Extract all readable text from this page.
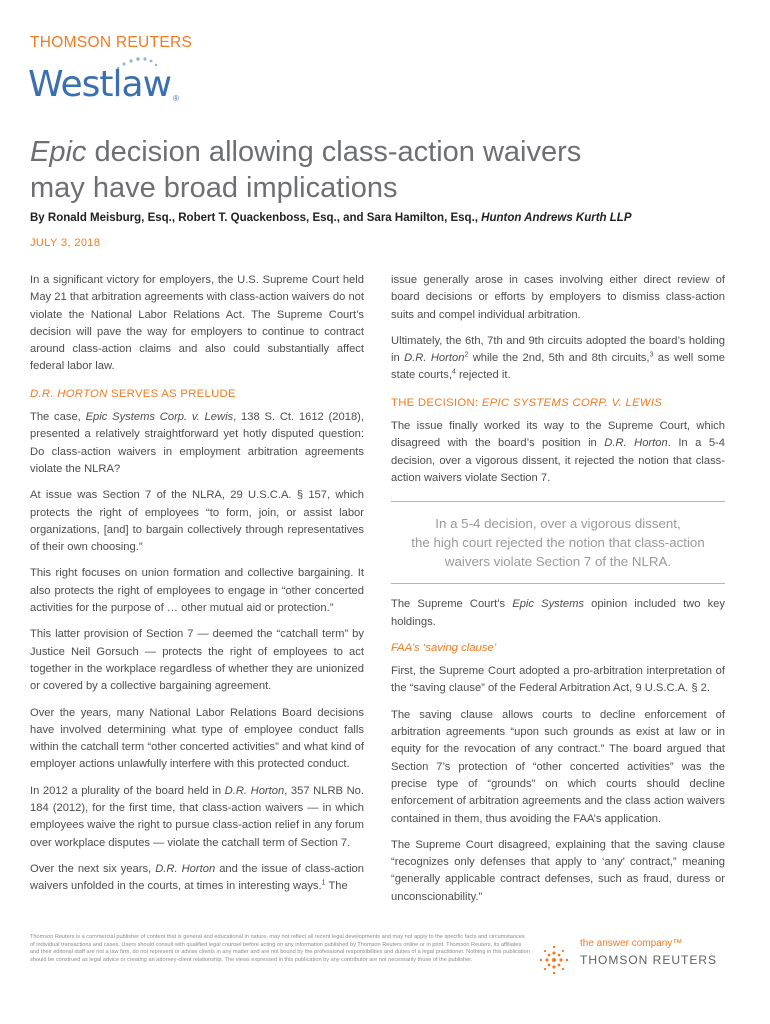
THOMSON REUTERS
Westlaw ®
Epic decision allowing class-action waivers
may have broad implications
By Ronald Meisburg, Esq., Robert T. Quackenboss, Esq., and Sara Hamilton, Esq., Hunton Andrews Kurth LLP
JULY 3, 2018

In a significant victory for employers, the U.S. Supreme Court held May 21 that arbitration agreements with class-action waivers do not violate the National Labor Relations Act. The Supreme Court’s decision will pave the way for employers to continue to contract around class-action claims and also could substantially affect federal labor law.

D.R. HORTON SERVES AS PRELUDE

The case, Epic Systems Corp. v. Lewis, 138 S. Ct. 1612 (2018), presented a relatively straightforward yet hotly disputed question: Do class-action waivers in employment arbitration agreements violate the NLRA?

At issue was Section 7 of the NLRA, 29 U.S.C.A. § 157, which protects the right of employees “to form, join, or assist labor organizations, [and] to bargain collectively through representatives of their own choosing.”

This right focuses on union formation and collective bargaining. It also protects the right of employees to engage in “other concerted activities for the purpose of … other mutual aid or protection.”

This latter provision of Section 7 — deemed the “catchall term” by Justice Neil Gorsuch — protects the right of employees to act together in the workplace regardless of whether they are unionized or covered by a collective bargaining agreement.

Over the years, many National Labor Relations Board decisions have involved determining what type of employee conduct falls within the catchall term “other concerted activities” and what kind of employer actions unlawfully interfere with this protected conduct.

In 2012 a plurality of the board held in D.R. Horton, 357 NLRB No. 184 (2012), for the first time, that class-action waivers — in which employees waive the right to pursue class-action relief in any forum over workplace disputes — violate the catchall term of Section 7.

Over the next six years, D.R. Horton and the issue of class-action waivers unfolded in the courts, at times in interesting ways.$^1$ The

issue generally arose in cases involving either direct review of board decisions or efforts by employers to dismiss class-action suits and compel individual arbitration.

Ultimately, the 6th, 7th and 9th circuits adopted the board’s holding in D.R. Horton$^2$ while the 2nd, 5th and 8th circuits,$^3$ as well some state courts,$^4$ rejected it.

THE DECISION: EPIC SYSTEMS CORP. V. LEWIS

The issue finally worked its way to the Supreme Court, which disagreed with the board’s position in D.R. Horton. In a 5-4 decision, over a vigorous dissent, it rejected the notion that class-action waivers violate Section 7.

In a 5-4 decision, over a vigorous dissent,
the high court rejected the notion that class-action
waivers violate Section 7 of the NLRA.

The Supreme Court’s Epic Systems opinion included two key holdings.

FAA’s ‘saving clause’

First, the Supreme Court adopted a pro-arbitration interpretation of the “saving clause” of the Federal Arbitration Act, 9 U.S.C.A. § 2.

The saving clause allows courts to decline enforcement of arbitration agreements “upon such grounds as exist at law or in equity for the revocation of any contract.” The board argued that Section 7’s protection of “other concerted activities” was the precise type of “grounds” on which courts should decline enforcement of arbitration agreements and the class action waivers contained in them, thus avoiding the FAA’s application.

The Supreme Court disagreed, explaining that the saving clause “recognizes only defenses that apply to ‘any’ contract,” meaning “generally applicable contract defenses, such as fraud, duress or unconscionability.”

Thomson Reuters is a commercial publisher of content that is general and educational in nature, may not reflect all recent legal developments and may not apply to the specific facts and circumstances of individual transactions and cases. Users should consult with qualified legal counsel before acting on any information published by Thomson Reuters online or in print. Thomson Reuters, its affiliates and their editorial staff are not a law firm, do not represent or advise clients in any matter and are not bound by the professional responsibilities and duties of a legal practitioner. Nothing in this publication should be construed as legal advice or creating an attorney-client relationship. The views expressed in this publication by any contributor are not necessarily those of the publisher.
the answer company™
THOMSON REUTERS
